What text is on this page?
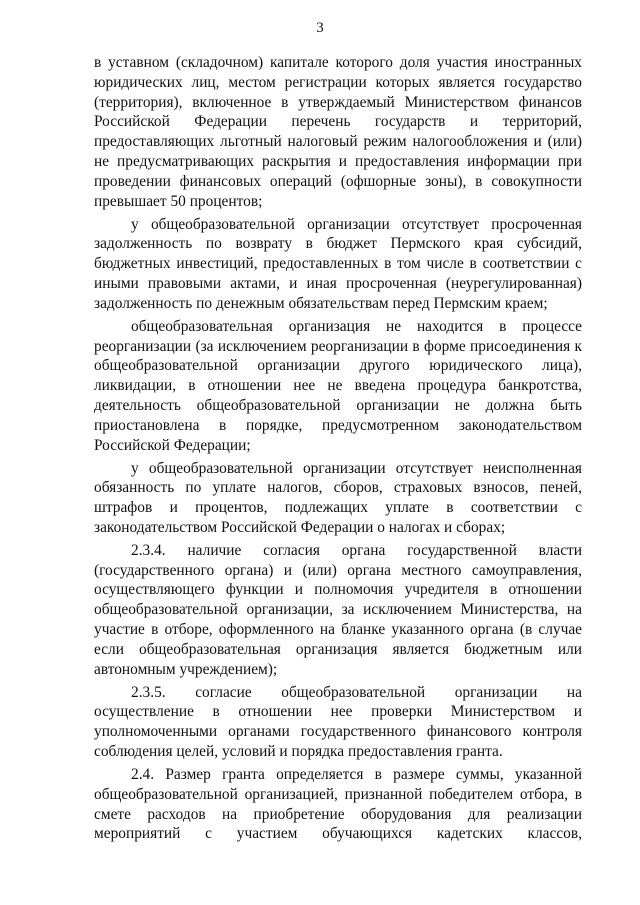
3

в уставном (складочном) капитале которого доля участия иностранных юридических лиц, местом регистрации которых является государство (территория), включенное в утверждаемый Министерством финансов Российской Федерации перечень государств и территорий, предоставляющих льготный налоговый режим налогообложения и (или) не предусматривающих раскрытия и предоставления информации при проведении финансовых операций (офшорные зоны), в совокупности превышает 50 процентов;

у общеобразовательной организации отсутствует просроченная задолженность по возврату в бюджет Пермского края субсидий, бюджетных инвестиций, предоставленных в том числе в соответствии с иными правовыми актами, и иная просроченная (неурегулированная) задолженность по денежным обязательствам перед Пермским краем;

общеобразовательная организация не находится в процессе реорганизации (за исключением реорганизации в форме присоединения к общеобразовательной организации другого юридического лица), ликвидации, в отношении нее не введена процедура банкротства, деятельность общеобразовательной организации не должна быть приостановлена в порядке, предусмотренном законодательством Российской Федерации;

у общеобразовательной организации отсутствует неисполненная обязанность по уплате налогов, сборов, страховых взносов, пеней, штрафов и процентов, подлежащих уплате в соответствии с законодательством Российской Федерации о налогах и сборах;

2.3.4. наличие согласия органа государственной власти (государственного органа) и (или) органа местного самоуправления, осуществляющего функции и полномочия учредителя в отношении общеобразовательной организации, за исключением Министерства, на участие в отборе, оформленного на бланке указанного органа (в случае если общеобразовательная организация является бюджетным или автономным учреждением);

2.3.5. согласие общеобразовательной организации на осуществление в отношении нее проверки Министерством и уполномоченными органами государственного финансового контроля соблюдения целей, условий и порядка предоставления гранта.

2.4. Размер гранта определяется в размере суммы, указанной общеобразовательной организацией, признанной победителем отбора, в смете расходов на приобретение оборудования для реализации мероприятий с участием обучающихся кадетских классов,
